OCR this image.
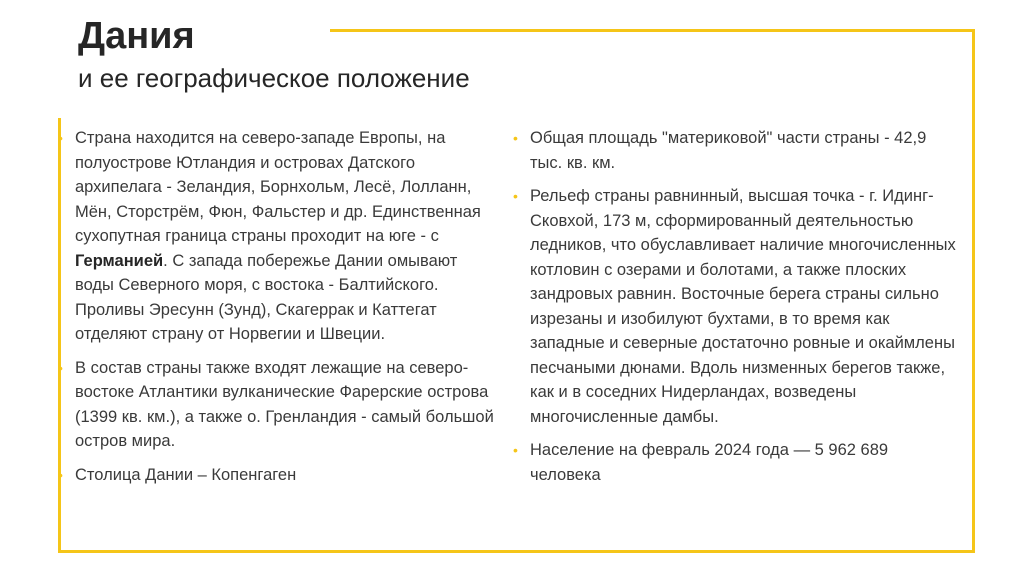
Дания
и ее географическое положение
• Страна находится на северо-западе Европы, на полуострове Ютландия и островах Датского архипелага - Зеландия, Борнхольм, Лесё, Лолланн, Мён, Сторстрём, Фюн, Фальстер и др. Единственная сухопутная граница страны проходит на юге - с Германией. С запада побережье Дании омывают воды Северного моря, с востока - Балтийского. Проливы Эресунн (Зунд), Скагеррак и Каттегат отделяют страну от Норвегии и Швеции.
• В состав страны также входят лежащие на северо-востоке Атлантики вулканические Фарерские острова (1399 кв. км.), а также о. Гренландия - самый большой остров мира.
• Столица Дании – Копенгаген
• Общая площадь "материковой" части страны - 42,9 тыс. кв. км.
• Рельеф страны равнинный, высшая точка - г. Идинг-Сковхой, 173 м, сформированный деятельностью ледников, что обуславливает наличие многочисленных котловин с озерами и болотами, а также плоских зандровых равнин. Восточные берега страны сильно изрезаны и изобилуют бухтами, в то время как западные и северные достаточно ровные и окаймлены песчаными дюнами. Вдоль низменных берегов также, как и в соседних Нидерландах, возведены многочисленные дамбы.
• Население на февраль 2024 года — 5 962 689 человека
